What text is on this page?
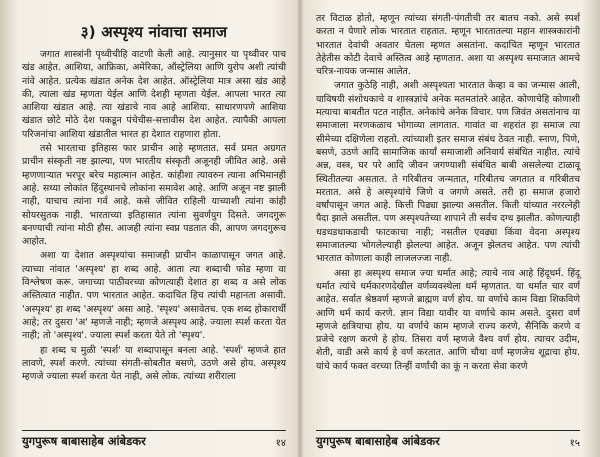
३) अस्पृश्य नांवाचा समाज

जगात शास्त्रांनी पृथ्वीचीहि वाटणी केली आहे. त्यानुसार या पृथ्वीवर पाच खंड आहेत. आशिया, आफ्रिका, अमेरिका, ऑस्ट्रेलिया आणि युरोप अशी त्यांची नांवे आहेत. प्रत्येक खंडात अनेक देश आहेत. ऑस्ट्रेलिया मात्र असा खंड आहे की, त्याला खंड म्हणता येईल आणि देशही म्हणता येईल. आपला भारत त्या आशिया खंडात आहे. त्या खंडाचे नाव आहे आशिया. साधारणपणे आशिया खंडात छोटे मोठे देश पकडून पंचेचीस-सत्तावीस देश आहेत. त्यापैकी आपला परिजनांचा आशिया खंडातील भारत हा देशात राहणारा होता.

तसे भारताचा इतिहास फार प्राचीन आहे म्हणतात. सर्व प्रमत अग्रगत प्राचीन संस्कृती नष्ट झाल्या, पण भारतीय संस्कृती अजूनही जीवित आहे. असे म्हणणाऱ्यात भरपूर बरेच महात्मान आहेत. कांहीशा त्यावरुन त्याना अभिमानही आहे. सध्या लोकांत हिंदुस्थानचे लोकांना समावेश आहे. आणि अजून नष्ट झाली नाही, याचाच त्यांना गर्व आहे. कसे जीवित राहिली याच्याशी त्यांना कांही सोयरसुतक नाही. भारताच्या इतिहासात त्यांना सुवर्णयुग दिसते. जगदगुरू बनण्याची त्यांना मोठी हौस. आजही त्यांना स्वप्न पडतात की, आपण जगदगुरूच आहोत.

अशा या देशात अस्पृश्यांचा समाजही प्राचीन काळापासून जगत आहे. त्याच्या नांवात 'अस्पृश्य' हा शब्द आहे. आता त्या शब्दाची फोड म्हणा वा विश्लेषण करू. जगाच्या पाठीवरच्या कोणत्याही देशात हा शब्द व असे लोक अस्तित्वात नाहीत. पण भारतात आहेत. कदाचित हिच त्यांची महानता असावी. 'अस्पृश्य' हा शब्द 'अस्पृश्य' असा आहे. 'स्पृश्य' असावेतच. एक शब्द होकारार्थी आहे; तर दुसरा 'अ' म्हणजे नाही; म्हणजे अस्पृश्य आहे. ज्याला स्पर्श करता येत नाही; तो 'अस्पृश्य'. ज्याला स्पर्श करता येते तो 'स्पृश्य'.

हा शब्द च मुळी 'स्पर्श' या शब्दापासून बनला आहे. 'स्पर्श' म्हणजे हात लावणे, स्पर्श करणे. त्यांच्या संगती-सोबतीत बसणे, उठणे असे होय. अस्पृश्य म्हणजे ज्याला स्पर्श करता येत नाही, असे लोक. त्यांच्या शरीराला

युगपुरूष बाबासाहेब आंबेडकर	१४

तर विटाळ होतो, म्हणून त्यांच्या संगती-पंगतीची तर बातच नको. असे स्पर्श करता न येणारे लोक भारतात राहतात. म्हणून भारतातल्या महान शास्त्रकारांनी भारतात देवांची अवतार घेतला म्हणत असतांना. कदाचित म्हणून भारतात तेहेतीस कोटी देवाचे अस्तित्व आहे म्हणतात. अशा या अस्पृश्य समाजात आमचे चरित्र-नायक जन्मास आलेत.

जगात कुठेहि नाही, अशी अस्पृश्यता भारतात केव्हा व का जन्मास आली, याविषयी संशोधकाचे व शास्त्रज्ञांचे अनेक मतमतांतरे आहेत. कोणाचेहि कोणाशी मत्याचा बाबतीत पटत नाहीत. अनेकांचे अनेक विचार. पण जिवंत असतांनाच या समाजाला मरणकळाच भोगाव्या लागतात. गावांत वा शहरांत हा समाज त्या सीमेच्या दक्षिणेला राहतो. त्यांच्याशी इतर समाज संबंध ठेवत नाही. स्नाण, पिणे, बसणे, उठणे आदि सामाजिक कार्यां समाजाशी अनिवार्य संबंधित नाहीत. त्यांचे अन्न, वस्त्र, घर परे आदि जीवन जगण्याशी संबंधित बाबी असलेल्या टाळावू स्थितीतल्या असतात. ते गरिबीतच जन्मतात, गरिबीतच जगतात व गरिबीतच मरतात. असे हे अस्पृश्यांचे जिणे व जगणे असते. तरी हा समाज हजारो वर्षांपासून जगत आहे. कित्ती पिढ्या झाल्या असतील. किती यांच्यात नररत्नेही पैदा झाले असतील. पण अस्पृश्यतेच्या शापाने ती सर्वच दग्ध झालीत. कोणत्याही धडधडधाकडाची फाटकाचा नाही; नसतील एवढ्या किंवा वेदना अस्पृश्य समाजातल्या भोगलेल्याही झेलल्या आहेत. अजून झेलतच आहेत. पण त्यांची भारतात कोणाला काही लाजलज्जा नाही.

असा हा अस्पृश्य समाज ज्या धर्मात आहे; त्याचे नाव आहे हिंदूधर्म. हिंदू धर्मात त्यांचे धर्मकारणदेखील वर्णव्यवस्थेला धर्म म्हणतात. या धर्मात चार वर्ण आहेत. सर्वात श्रेष्ठवर्ण म्हणजे ब्राह्मण वर्ण होय. या वर्णाचे काम विद्या शिकविणे आणि धर्म कार्य करणे. ज्ञान विद्या यावीर या वर्णाचे काम असते. दुसरा वर्ण म्हणजे क्षत्रियाचा होय. या वर्णाचे काम म्हणजे राज्य करणे, सैनिकि करणे व प्रजेचे रक्षण करणे हे होय. तिसरा वर्ण म्हणजे वैश्य वर्ण होय. त्याचर उदीम, शेती, वाडी असे कार्य हे वर्ण करतात. आणि चौथा वर्ण म्हणजेच शूद्राचा होय. यांचे कार्य फक्त वरच्या तिन्हीं वर्णांची का कूं न करता सेवा करणे

युगपुरूष बाबासाहेब आंबेडकर	१५
